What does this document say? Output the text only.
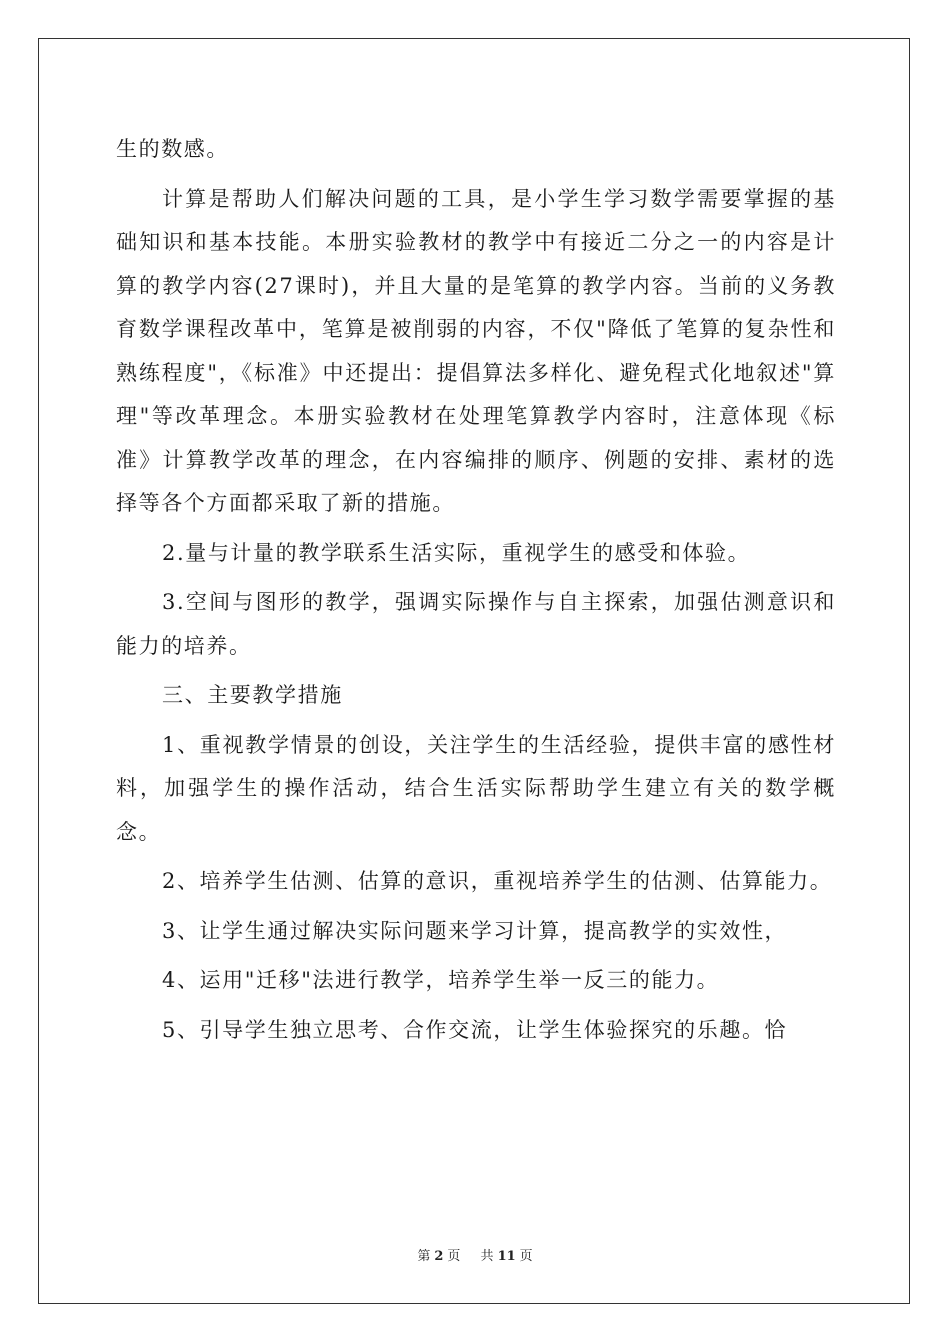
生的数感。

计算是帮助人们解决问题的工具，是小学生学习数学需要掌握的基础知识和基本技能。本册实验教材的教学中有接近二分之一的内容是计算的教学内容(27课时)，并且大量的是笔算的教学内容。当前的义务教育数学课程改革中，笔算是被削弱的内容，不仅"降低了笔算的复杂性和熟练程度"，《标准》中还提出：提倡算法多样化、避免程式化地叙述"算理"等改革理念。本册实验教材在处理笔算教学内容时，注意体现《标准》计算教学改革的理念，在内容编排的顺序、例题的安排、素材的选择等各个方面都采取了新的措施。

2.量与计量的教学联系生活实际，重视学生的感受和体验。

3.空间与图形的教学，强调实际操作与自主探索，加强估测意识和能力的培养。

三、主要教学措施

1、重视教学情景的创设，关注学生的生活经验，提供丰富的感性材料，加强学生的操作活动，结合生活实际帮助学生建立有关的数学概念。

2、培养学生估测、估算的意识，重视培养学生的估测、估算能力。

3、让学生通过解决实际问题来学习计算，提高教学的实效性，

4、运用"迁移"法进行教学，培养学生举一反三的能力。

5、引导学生独立思考、合作交流，让学生体验探究的乐趣。恰

第 2 页 共 11 页
